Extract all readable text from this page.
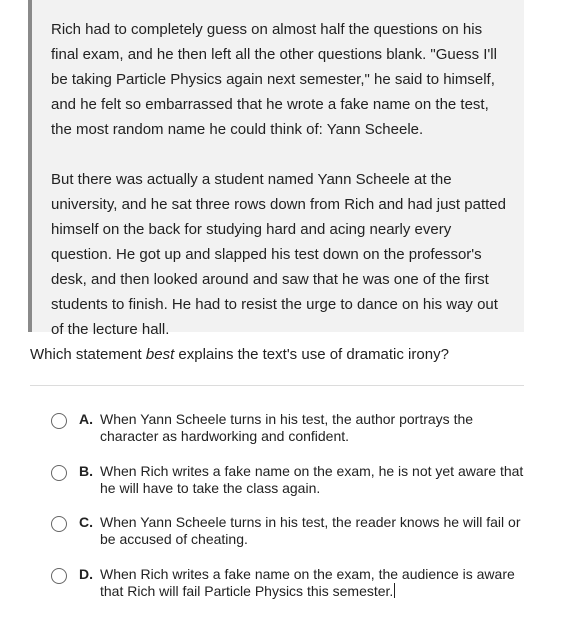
Rich had to completely guess on almost half the questions on his final exam, and he then left all the other questions blank. "Guess I'll be taking Particle Physics again next semester," he said to himself, and he felt so embarrassed that he wrote a fake name on the test, the most random name he could think of: Yann Scheele.

But there was actually a student named Yann Scheele at the university, and he sat three rows down from Rich and had just patted himself on the back for studying hard and acing nearly every question. He got up and slapped his test down on the professor's desk, and then looked around and saw that he was one of the first students to finish. He had to resist the urge to dance on his way out of the lecture hall.

Which statement best explains the text's use of dramatic irony?
A. When Yann Scheele turns in his test, the author portrays the character as hardworking and confident.
B. When Rich writes a fake name on the exam, he is not yet aware that he will have to take the class again.
C. When Yann Scheele turns in his test, the reader knows he will fail or be accused of cheating.
D. When Rich writes a fake name on the exam, the audience is aware that Rich will fail Particle Physics this semester.
